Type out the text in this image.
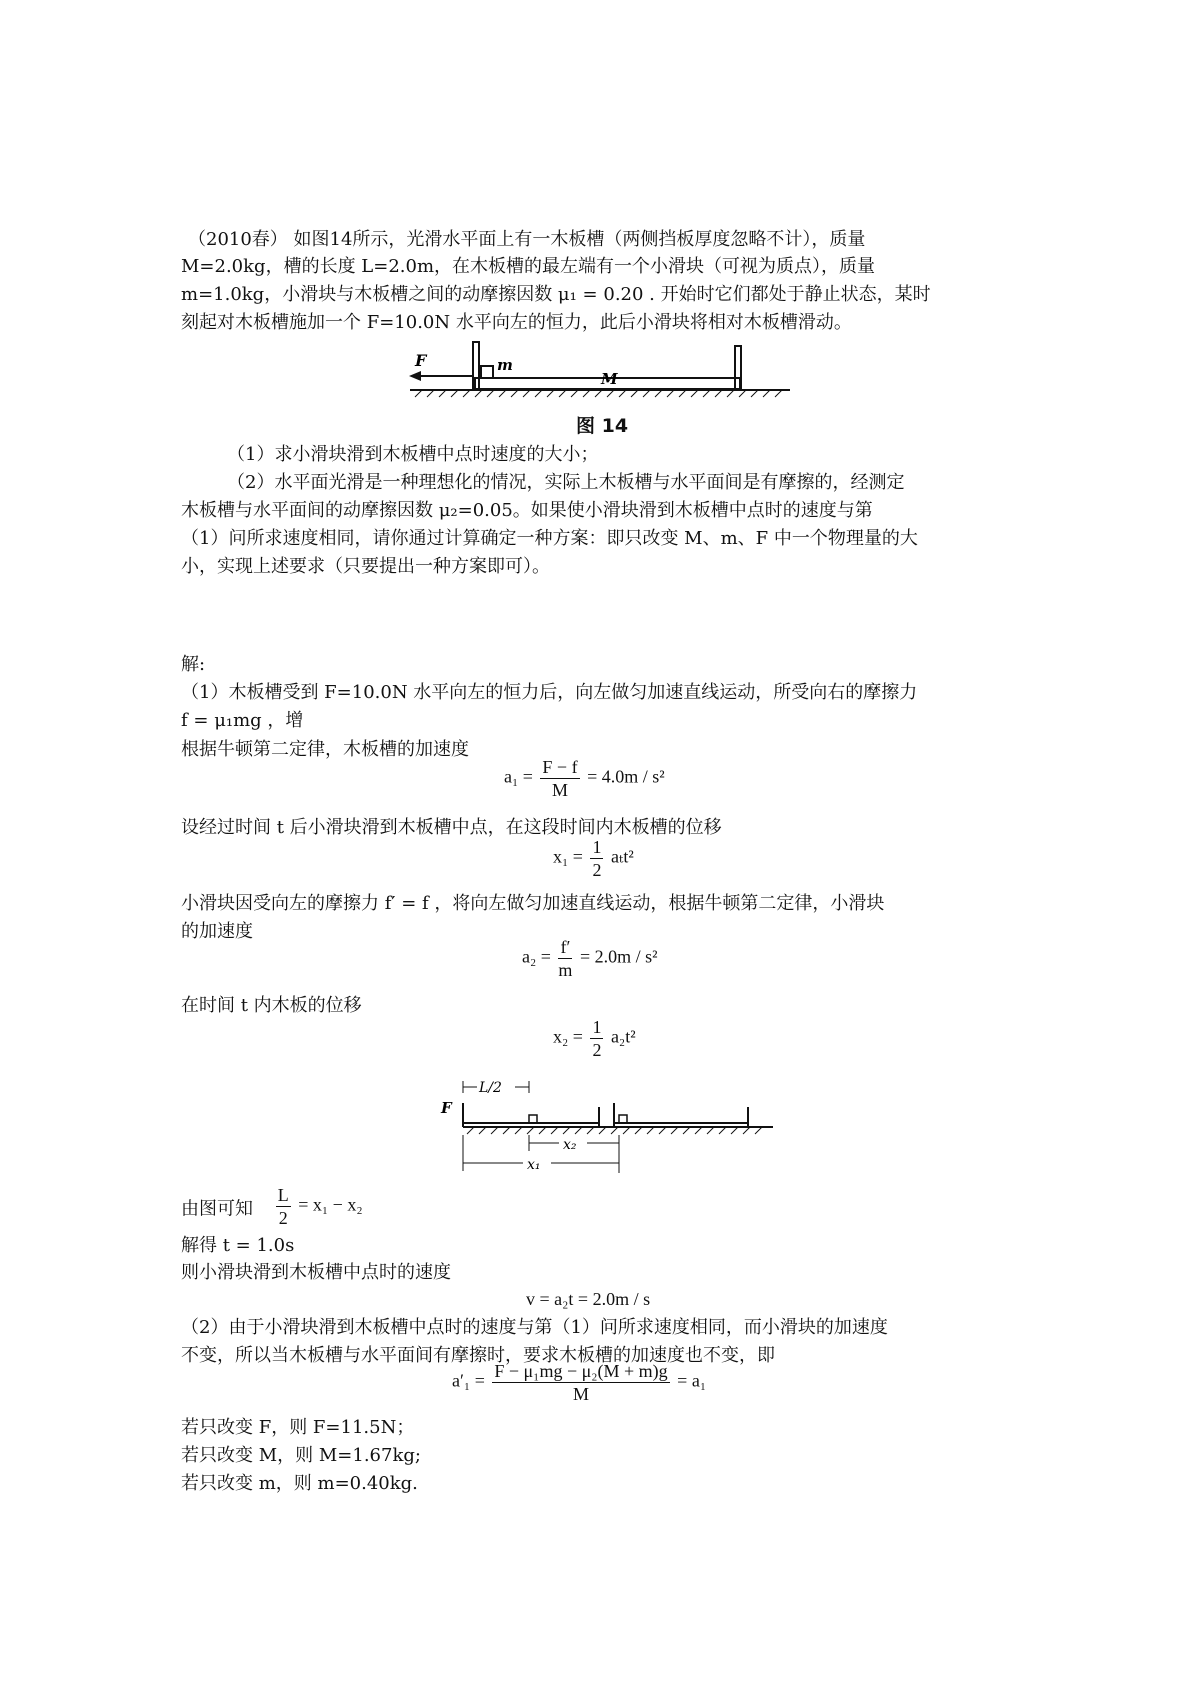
（2010春） 如图14所示，光滑水平面上有一木板槽（两侧挡板厚度忽略不计），质量
M=2.0kg，槽的长度 L=2.0m，在木板槽的最左端有一个小滑块（可视为质点），质量
m=1.0kg，小滑块与木板槽之间的动摩擦因数 μ₁ = 0.20 . 开始时它们都处于静止状态，某时
刻起对木板槽施加一个 F=10.0N 水平向左的恒力，此后小滑块将相对木板槽滑动。
F	m
M
图 14
（1）求小滑块滑到木板槽中点时速度的大小；
（2）水平面光滑是一种理想化的情况，实际上木板槽与水平面间是有摩擦的，经测定
木板槽与水平面间的动摩擦因数 μ₂=0.05。如果使小滑块滑到木板槽中点时的速度与第
（1）问所求速度相同，请你通过计算确定一种方案：即只改变 M、m、F 中一个物理量的大
小，实现上述要求（只要提出一种方案即可）。
解:
（1）木板槽受到 F=10.0N 水平向左的恒力后，向左做匀加速直线运动，所受向右的摩擦力
f = μ₁mg ，增
根据牛顿第二定律，木板槽的加速度
$a_1 = \frac{F - f}{M} = 4.0m / s^2$
设经过时间 t 后小滑块滑到木板槽中点，在这段时间内木板槽的位移
$x_1 = \frac{1}{2} a_tt^2$
小滑块因受向左的摩擦力 f′ = f ，将向左做匀加速直线运动，根据牛顿第二定律，小滑块
的加速度
$a_2 = \frac{f'}{m} = 2.0m / s^2$
在时间 t 内木板的位移
$x_2 = \frac{1}{2} a_2t^2$
F
L/2
x₂
x₁
由图可知 $\frac{L}{2} = x_1 - x_2$
解得 t = 1.0s
则小滑块滑到木板槽中点时的速度
v = a₂t = 2.0m / s
（2）由于小滑块滑到木板槽中点时的速度与第（1）问所求速度相同，而小滑块的加速度
不变，所以当木板槽与水平面间有摩擦时，要求木板槽的加速度也不变，即
$a'_1 = \frac{\text{F − μ₁mg − μ₂(M + m)g}}{M} = a_1$
若只改变 F，则 F=11.5N；
若只改变 M，则 M=1.67kg;
若只改变 m，则 m=0.40kg.
